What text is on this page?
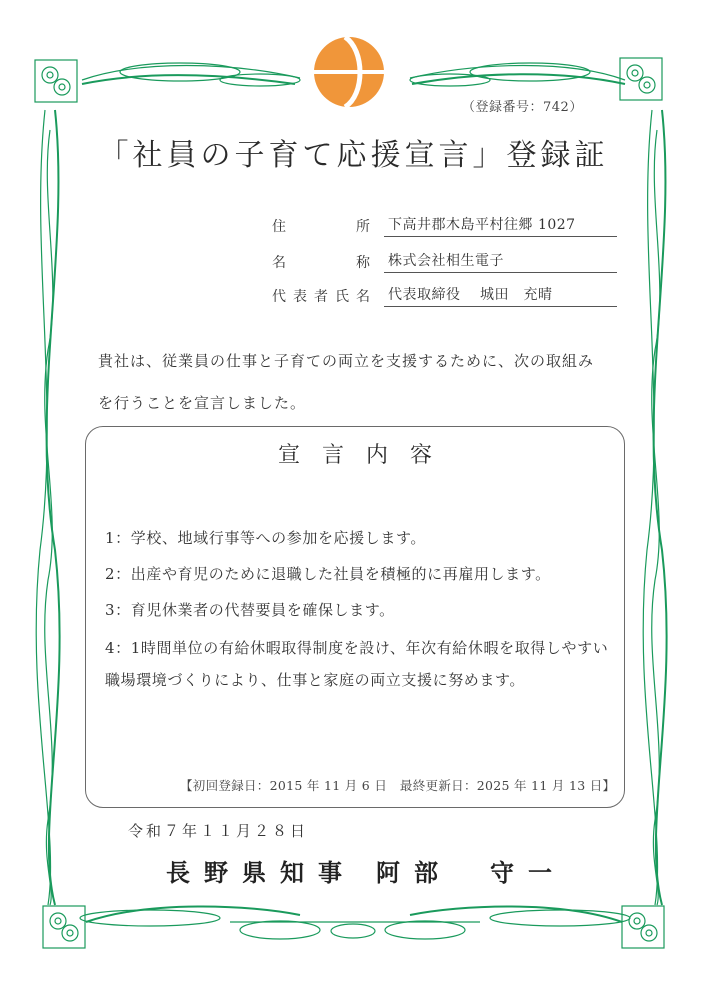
（登録番号：742）
「社員の子育て応援宣言」登録証
住	所 下高井郡木島平村往郷 1027
名	称 株式会社相生電子
代 表 者 氏 名 代表取締役　 城田　充晴

貴社は、従業員の仕事と子育ての両立を支援するために、次の取組み

を行うことを宣言しました。

宣言内容
1：学校、地域行事等への参加を応援します。
2：出産や育児のために退職した社員を積極的に再雇用します。
3：育児休業者の代替要員を確保します。
4：1時間単位の有給休暇取得制度を設け、年次有給休暇を取得しやすい職場環境づくりにより、仕事と家庭の両立支援に努めます。
【初回登録日：2015 年 11 月 6 日　最終更新日：2025 年 11 月 13 日】
令和７年１１月２８日
長野県知事 阿部　守一
